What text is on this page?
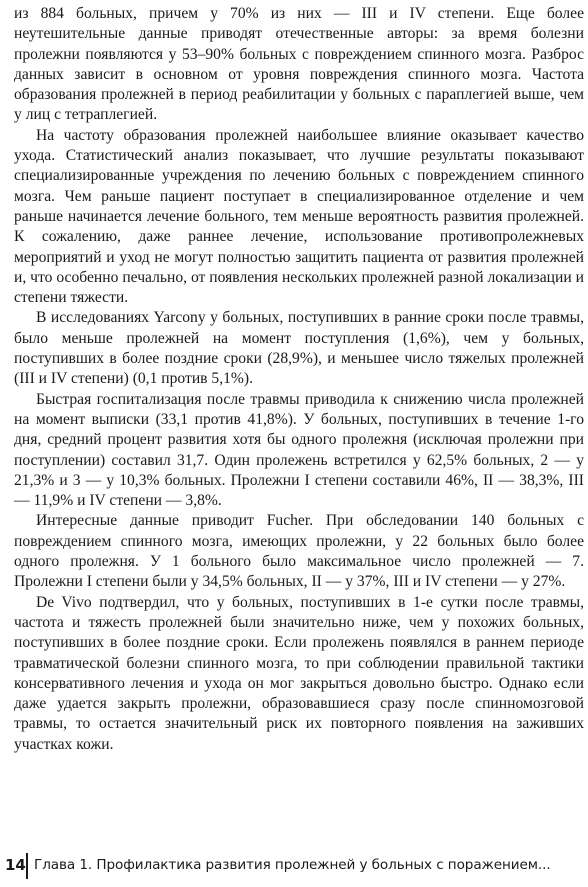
из 884 больных, причем у 70% из них — III и IV степени. Еще более неутешительные данные приводят отечественные авторы: за время болезни пролежни появляются у 53–90% больных с повреждением спинного мозга. Разброс данных зависит в основном от уровня повреждения спинного мозга. Частота образования пролежней в период реабилитации у больных с параплегией выше, чем у лиц с тетраплегией.

На частоту образования пролежней наибольшее влияние оказывает качество ухода. Статистический анализ показывает, что лучшие результаты показывают специализированные учреждения по лечению больных с повреждением спинного мозга. Чем раньше пациент поступает в специализированное отделение и чем раньше начинается лечение больного, тем меньше вероятность развития пролежней. К сожалению, даже раннее лечение, использование противопролежневых мероприятий и уход не могут полностью защитить пациента от развития пролежней и, что особенно печально, от появления нескольких пролежней разной локализации и степени тяжести.

В исследованиях Yarcony у больных, поступивших в ранние сроки после травмы, было меньше пролежней на момент поступления (1,6%), чем у больных, поступивших в более поздние сроки (28,9%), и меньшее число тяжелых пролежней (III и IV степени) (0,1 против 5,1%).

Быстрая госпитализация после травмы приводила к снижению числа пролежней на момент выписки (33,1 против 41,8%). У больных, поступивших в течение 1-го дня, средний процент развития хотя бы одного пролежня (исключая пролежни при поступлении) составил 31,7. Один пролежень встретился у 62,5% больных, 2 — у 21,3% и 3 — у 10,3% больных. Пролежни I степени составили 46%, II — 38,3%, III — 11,9% и IV степени — 3,8%.

Интересные данные приводит Fucher. При обследовании 140 больных с повреждением спинного мозга, имеющих пролежни, у 22 больных было более одного пролежня. У 1 больного было максимальное число пролежней — 7. Пролежни I степени были у 34,5% больных, II — у 37%, III и IV степени — у 27%.

De Vivo подтвердил, что у больных, поступивших в 1-е сутки после травмы, частота и тяжесть пролежней были значительно ниже, чем у похожих больных, поступивших в более поздние сроки. Если пролежень появлялся в раннем периоде травматической болезни спинного мозга, то при соблюдении правильной тактики консервативного лечения и ухода он мог закрыться довольно быстро. Однако если даже удается закрыть пролежни, образовавшиеся сразу после спинномозговой травмы, то остается значительный риск их повторного появления на заживших участках кожи.

14 Глава 1. Профилактика развития пролежней у больных с поражением...
